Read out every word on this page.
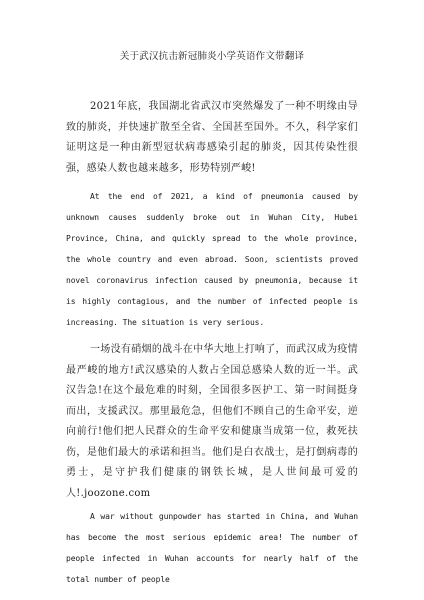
关于武汉抗击新冠肺炎小学英语作文带翻译

2021年底，我国湖北省武汉市突然爆发了一种不明缘由导致的肺炎，并快速扩散至全省、全国甚至国外。不久，科学家们证明这是一种由新型冠状病毒感染引起的肺炎，因其传染性很强，感染人数也越来越多，形势特别严峻!

At the end of 2021, a kind of pneumonia caused by unknown causes suddenly broke out in Wuhan City, Hubei Province, China, and quickly spread to the whole province, the whole country and even abroad. Soon, scientists proved novel coronavirus infection caused by pneumonia, because it is highly contagious, and the number of infected people is increasing. The situation is very serious.

一场没有硝烟的战斗在中华大地上打响了，而武汉成为疫情最严峻的地方!武汉感染的人数占全国总感染人数的近一半。武汉告急!在这个最危难的时刻，全国很多医护工、第一时间挺身而出，支援武汉。那里最危急，但他们不顾自己的生命平安，逆向前行!他们把人民群众的生命平安和健康当成第一位，救死扶伤，是他们最大的承诺和担当。他们是白衣战士，是打倒病毒的勇士，是守护我们健康的钢铁长城，是人世间最可爱的人!.joozone.com

A war without gunpowder has started in China, and Wuhan has become the most serious epidemic area! The number of people infected in Wuhan accounts for nearly half of the total number of people
